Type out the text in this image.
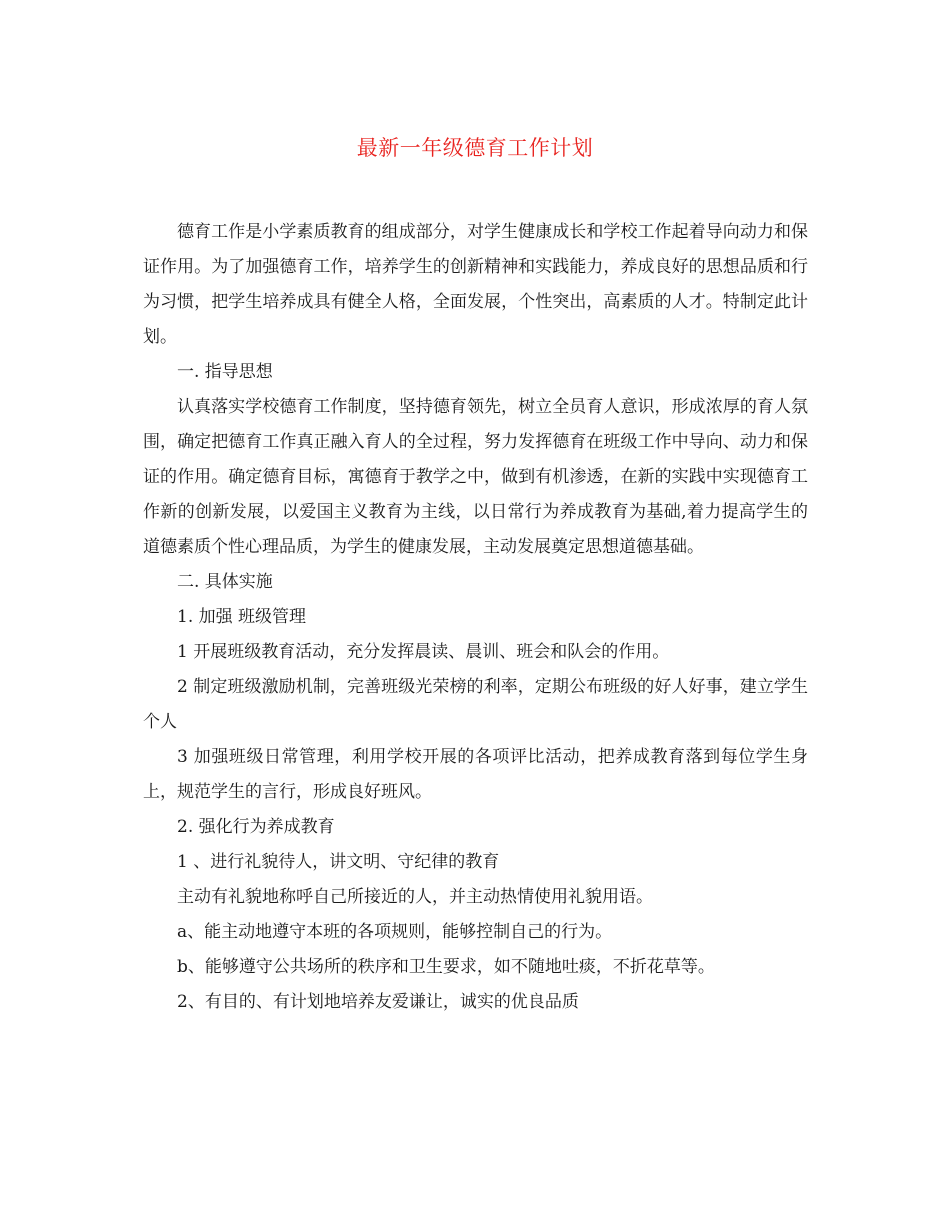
最新一年级德育工作计划

德育工作是小学素质教育的组成部分，对学生健康成长和学校工作起着导向动力和保证作用。为了加强德育工作，培养学生的创新精神和实践能力，养成良好的思想品质和行为习惯，把学生培养成具有健全人格，全面发展，个性突出，高素质的人才。特制定此计划。

一. 指导思想

认真落实学校德育工作制度，坚持德育领先，树立全员育人意识，形成浓厚的育人氛围，确定把德育工作真正融入育人的全过程，努力发挥德育在班级工作中导向、动力和保证的作用。确定德育目标，寓德育于教学之中，做到有机渗透，在新的实践中实现德育工作新的创新发展，以爱国主义教育为主线，以日常行为养成教育为基础,着力提高学生的道德素质个性心理品质，为学生的健康发展，主动发展奠定思想道德基础。

二. 具体实施

1. 加强 班级管理

1 开展班级教育活动，充分发挥晨读、晨训、班会和队会的作用。

2 制定班级激励机制，完善班级光荣榜的利率，定期公布班级的好人好事，建立学生个人

3 加强班级日常管理，利用学校开展的各项评比活动，把养成教育落到每位学生身上，规范学生的言行，形成良好班风。

2. 强化行为养成教育

1 、进行礼貌待人，讲文明、守纪律的教育

主动有礼貌地称呼自己所接近的人，并主动热情使用礼貌用语。

a、能主动地遵守本班的各项规则，能够控制自己的行为。

b、能够遵守公共场所的秩序和卫生要求，如不随地吐痰，不折花草等。

2、有目的、有计划地培养友爱谦让，诚实的优良品质
